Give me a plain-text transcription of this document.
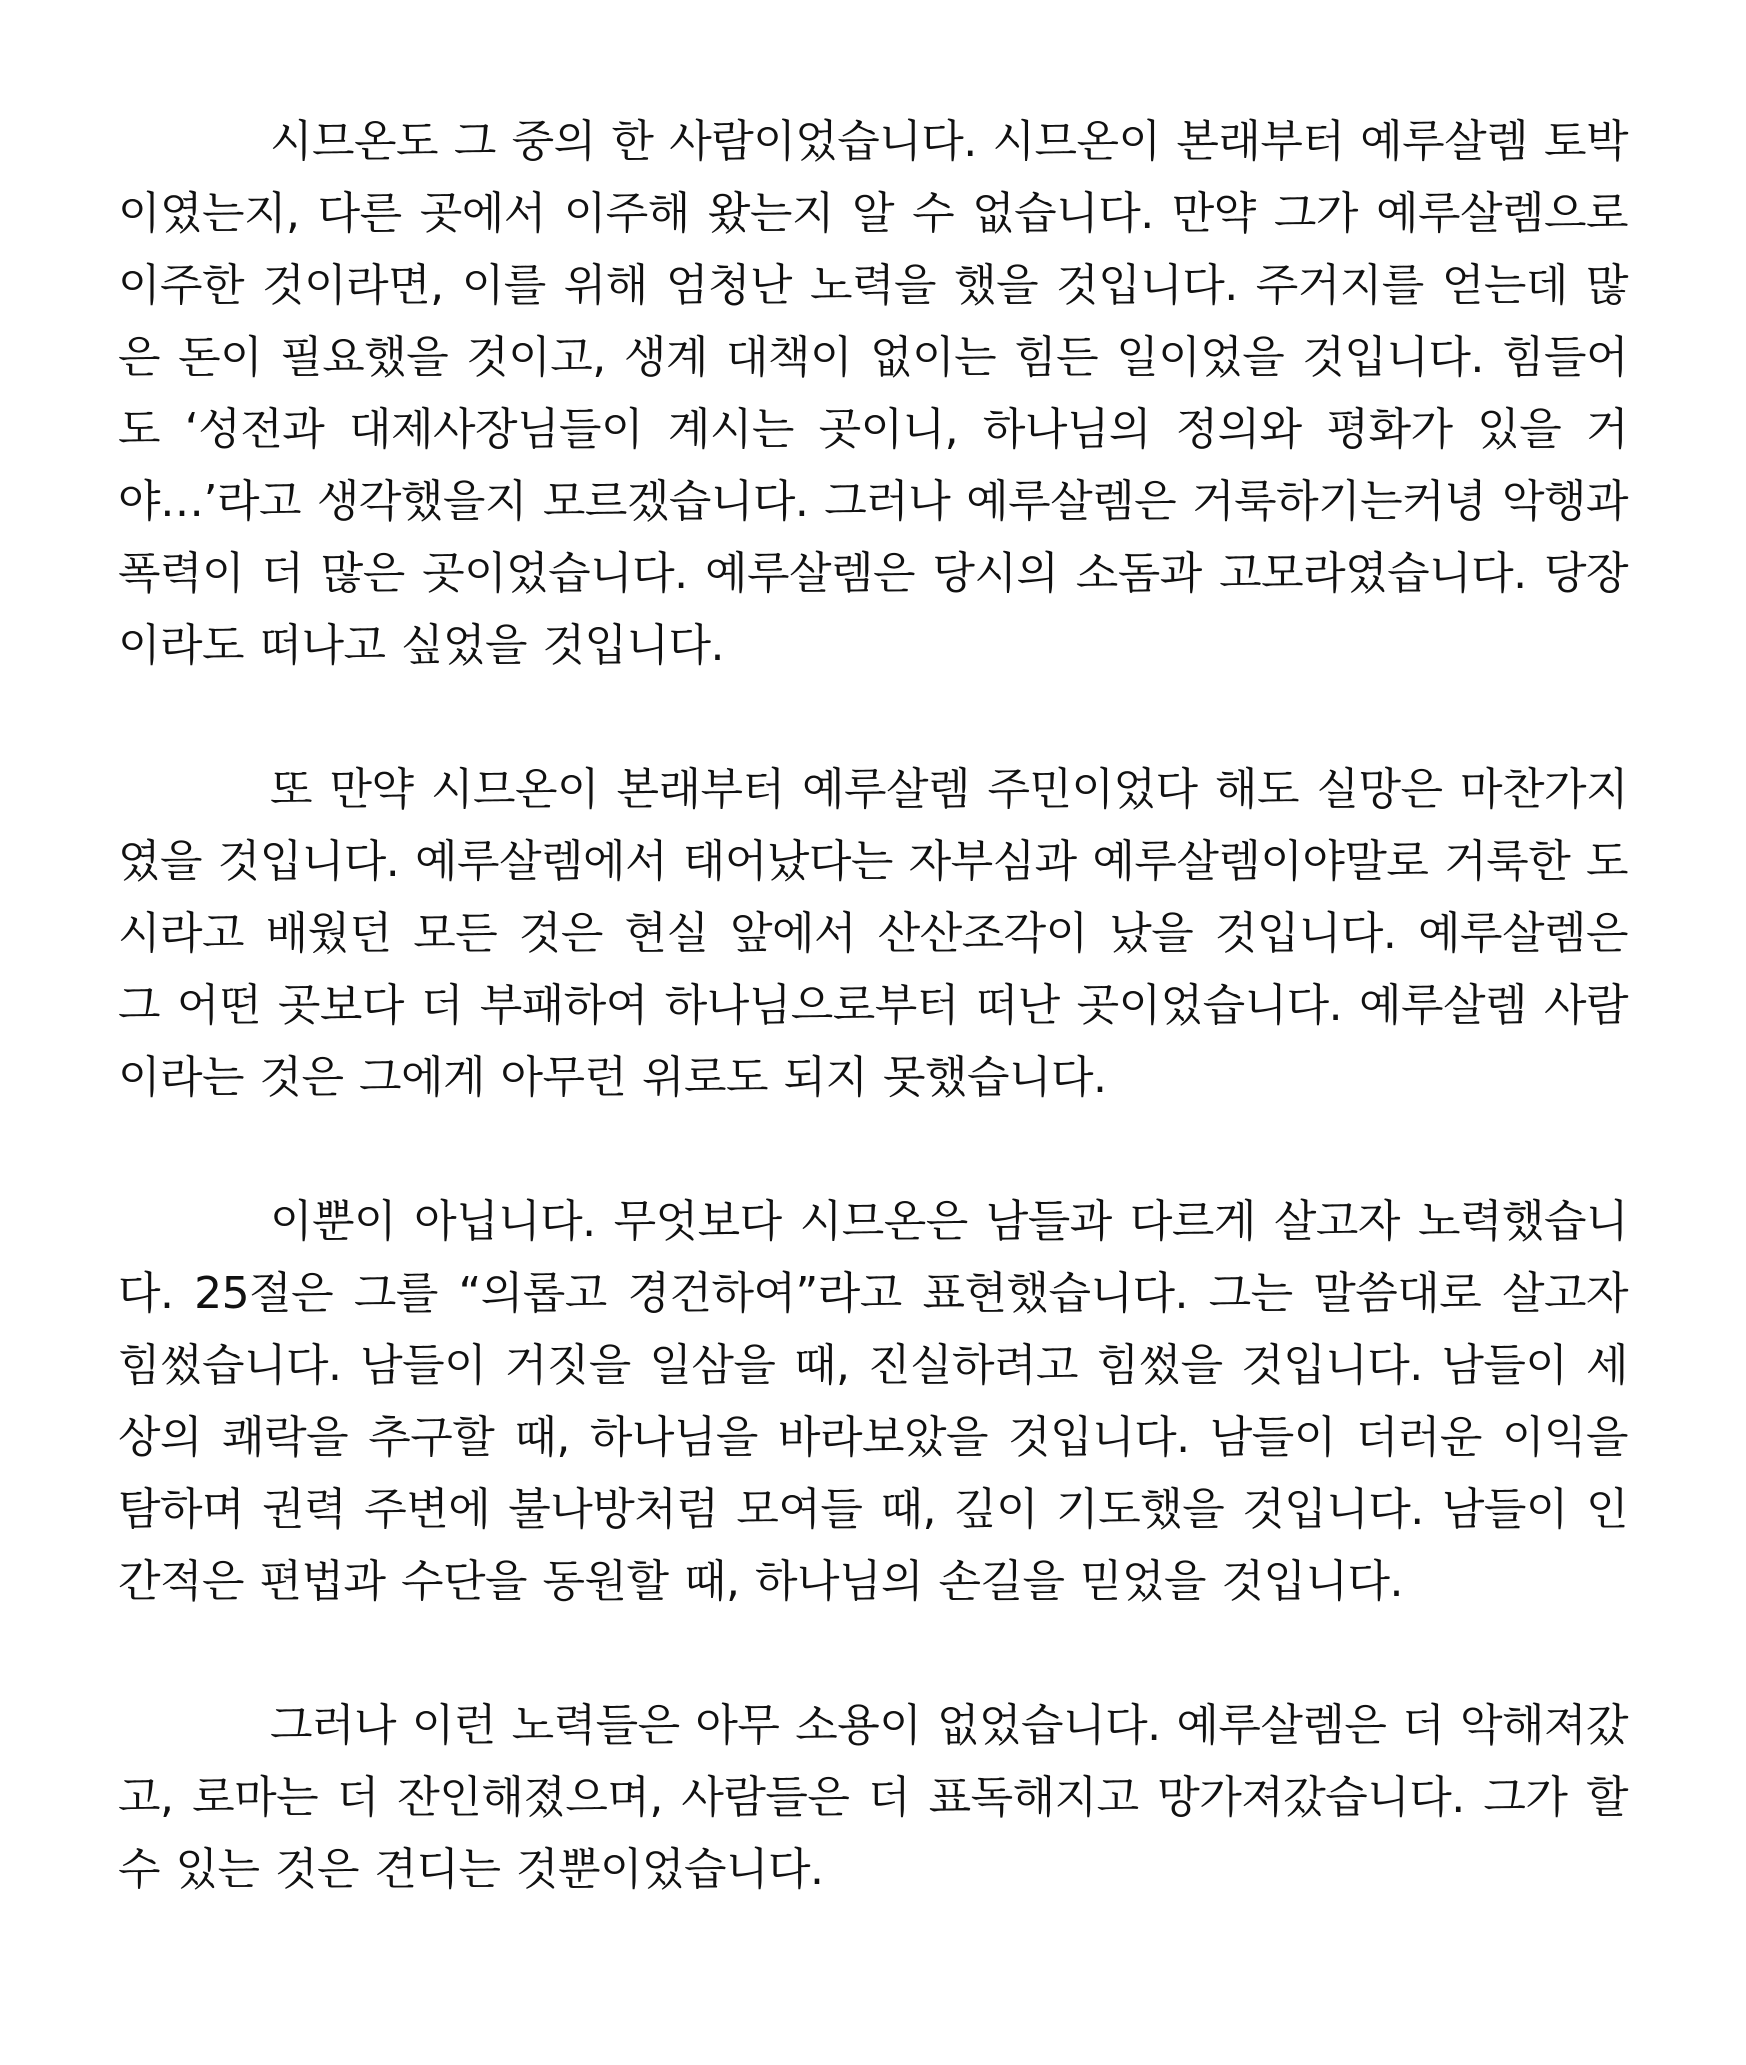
시므온도 그 중의 한 사람이었습니다. 시므온이 본래부터 예루살렘 토박이였는지, 다른 곳에서 이주해 왔는지 알 수 없습니다. 만약 그가 예루살렘으로 이주한 것이라면, 이를 위해 엄청난 노력을 했을 것입니다. 주거지를 얻는데 많은 돈이 필요했을 것이고, 생계 대책이 없이는 힘든 일이었을 것입니다. 힘들어도 ‘성전과 대제사장님들이 계시는 곳이니, 하나님의 정의와 평화가 있을 거야…’라고 생각했을지 모르겠습니다. 그러나 예루살렘은 거룩하기는커녕 악행과 폭력이 더 많은 곳이었습니다. 예루살렘은 당시의 소돔과 고모라였습니다. 당장이라도 떠나고 싶었을 것입니다.

또 만약 시므온이 본래부터 예루살렘 주민이었다 해도 실망은 마찬가지였을 것입니다. 예루살렘에서 태어났다는 자부심과 예루살렘이야말로 거룩한 도시라고 배웠던 모든 것은 현실 앞에서 산산조각이 났을 것입니다. 예루살렘은 그 어떤 곳보다 더 부패하여 하나님으로부터 떠난 곳이었습니다. 예루살렘 사람이라는 것은 그에게 아무런 위로도 되지 못했습니다.

이뿐이 아닙니다. 무엇보다 시므온은 남들과 다르게 살고자 노력했습니다. 25절은 그를 “의롭고 경건하여”라고 표현했습니다. 그는 말씀대로 살고자 힘썼습니다. 남들이 거짓을 일삼을 때, 진실하려고 힘썼을 것입니다. 남들이 세상의 쾌락을 추구할 때, 하나님을 바라보았을 것입니다. 남들이 더러운 이익을 탐하며 권력 주변에 불나방처럼 모여들 때, 깊이 기도했을 것입니다. 남들이 인간적은 편법과 수단을 동원할 때, 하나님의 손길을 믿었을 것입니다.

그러나 이런 노력들은 아무 소용이 없었습니다. 예루살렘은 더 악해져갔고, 로마는 더 잔인해졌으며, 사람들은 더 표독해지고 망가져갔습니다. 그가 할 수 있는 것은 견디는 것뿐이었습니다.
